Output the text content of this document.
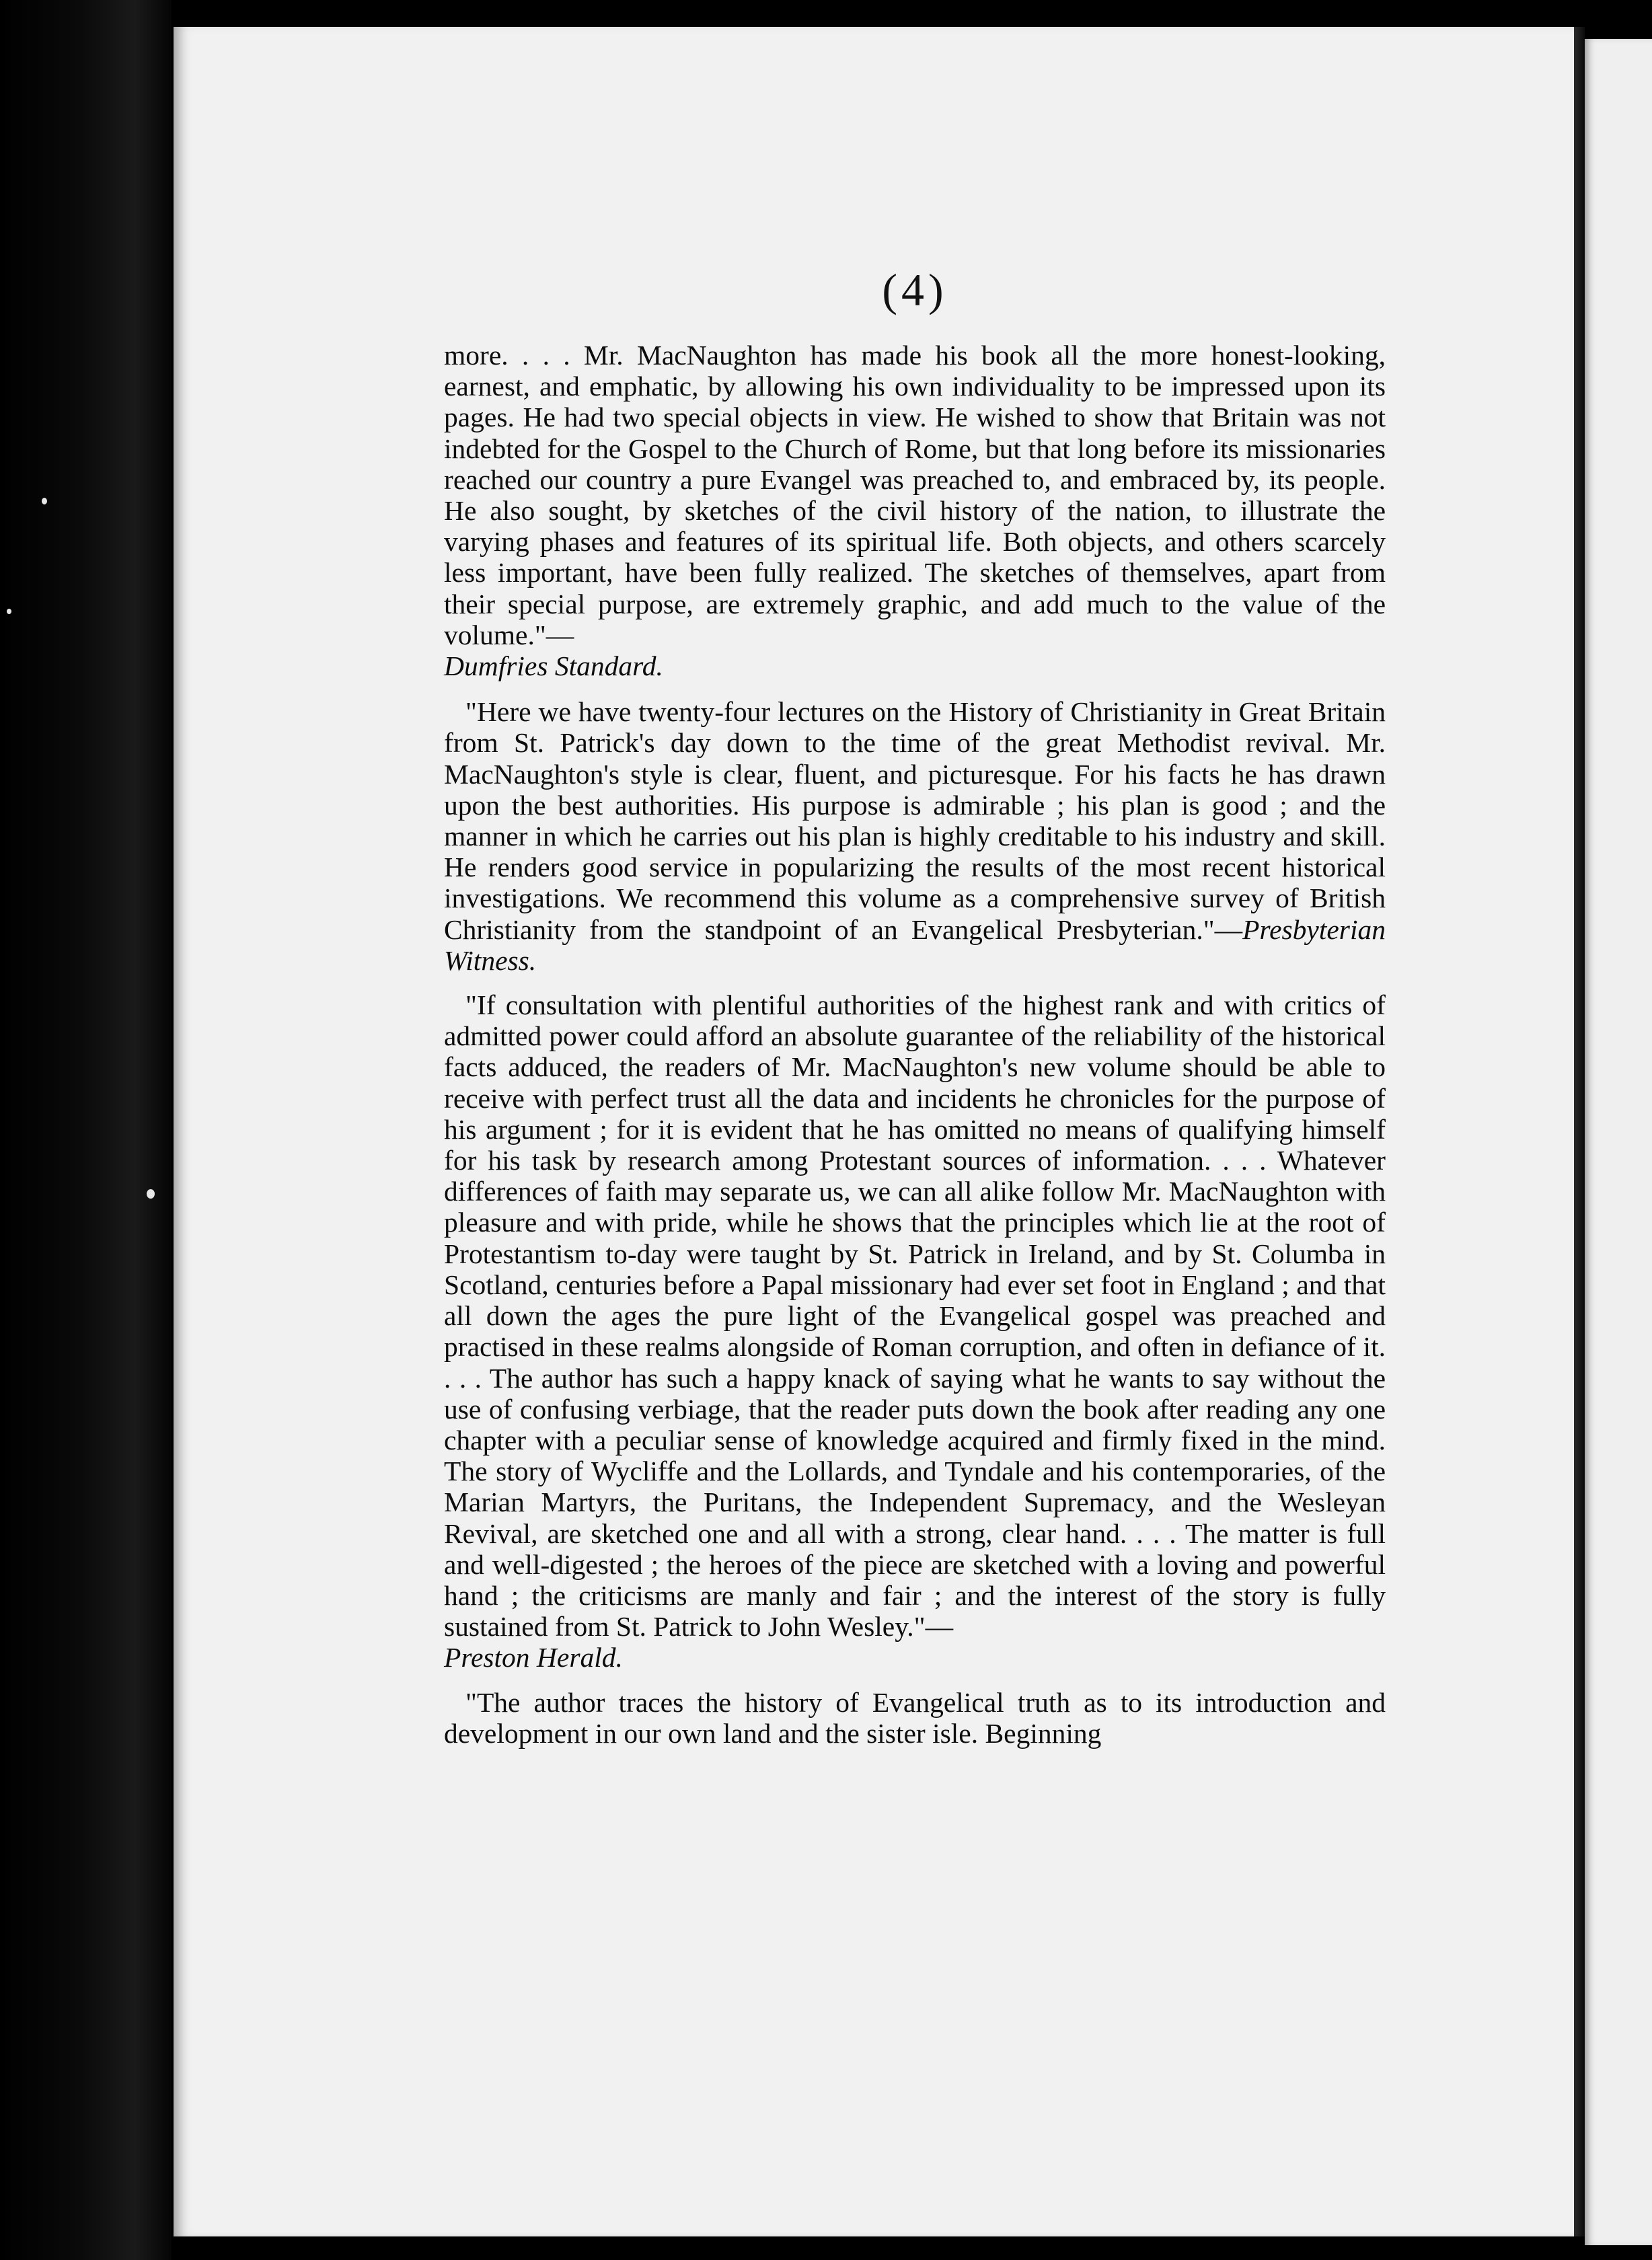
(4)

more. . . . Mr. MacNaughton has made his book all the more honest-looking, earnest, and emphatic, by allowing his own individuality to be impressed upon its pages. He had two special objects in view. He wished to show that Britain was not indebted for the Gospel to the Church of Rome, but that long before its missionaries reached our country a pure Evangel was preached to, and embraced by, its people. He also sought, by sketches of the civil history of the nation, to illustrate the varying phases and features of its spiritual life. Both objects, and others scarcely less important, have been fully realized. The sketches of themselves, apart from their special purpose, are extremely graphic, and add much to the value of the volume."—
Dumfries Standard.

"Here we have twenty-four lectures on the History of Christianity in Great Britain from St. Patrick's day down to the time of the great Methodist revival. Mr. MacNaughton's style is clear, fluent, and picturesque. For his facts he has drawn upon the best authorities. His purpose is admirable ; his plan is good ; and the manner in which he carries out his plan is highly creditable to his industry and skill. He renders good service in popularizing the results of the most recent historical investigations. We recommend this volume as a comprehensive survey of British Christianity from the standpoint of an Evangelical Presbyterian."—Presbyterian Witness.

"If consultation with plentiful authorities of the highest rank and with critics of admitted power could afford an absolute guarantee of the reliability of the historical facts adduced, the readers of Mr. MacNaughton's new volume should be able to receive with perfect trust all the data and incidents he chronicles for the purpose of his argument ; for it is evident that he has omitted no means of qualifying himself for his task by research among Protestant sources of information. . . . Whatever differences of faith may separate us, we can all alike follow Mr. MacNaughton with pleasure and with pride, while he shows that the principles which lie at the root of Protestantism to-day were taught by St. Patrick in Ireland, and by St. Columba in Scotland, centuries before a Papal missionary had ever set foot in England ; and that all down the ages the pure light of the Evangelical gospel was preached and practised in these realms alongside of Roman corruption, and often in defiance of it. . . . The author has such a happy knack of saying what he wants to say without the use of confusing verbiage, that the reader puts down the book after reading any one chapter with a peculiar sense of knowledge acquired and firmly fixed in the mind. The story of Wycliffe and the Lollards, and Tyndale and his contemporaries, of the Marian Martyrs, the Puritans, the Independent Supremacy, and the Wesleyan Revival, are sketched one and all with a strong, clear hand. . . . The matter is full and well-digested ; the heroes of the piece are sketched with a loving and powerful hand ; the criticisms are manly and fair ; and the interest of the story is fully sustained from St. Patrick to John Wesley."—
Preston Herald.

"The author traces the history of Evangelical truth as to its introduction and development in our own land and the sister isle. Beginning
